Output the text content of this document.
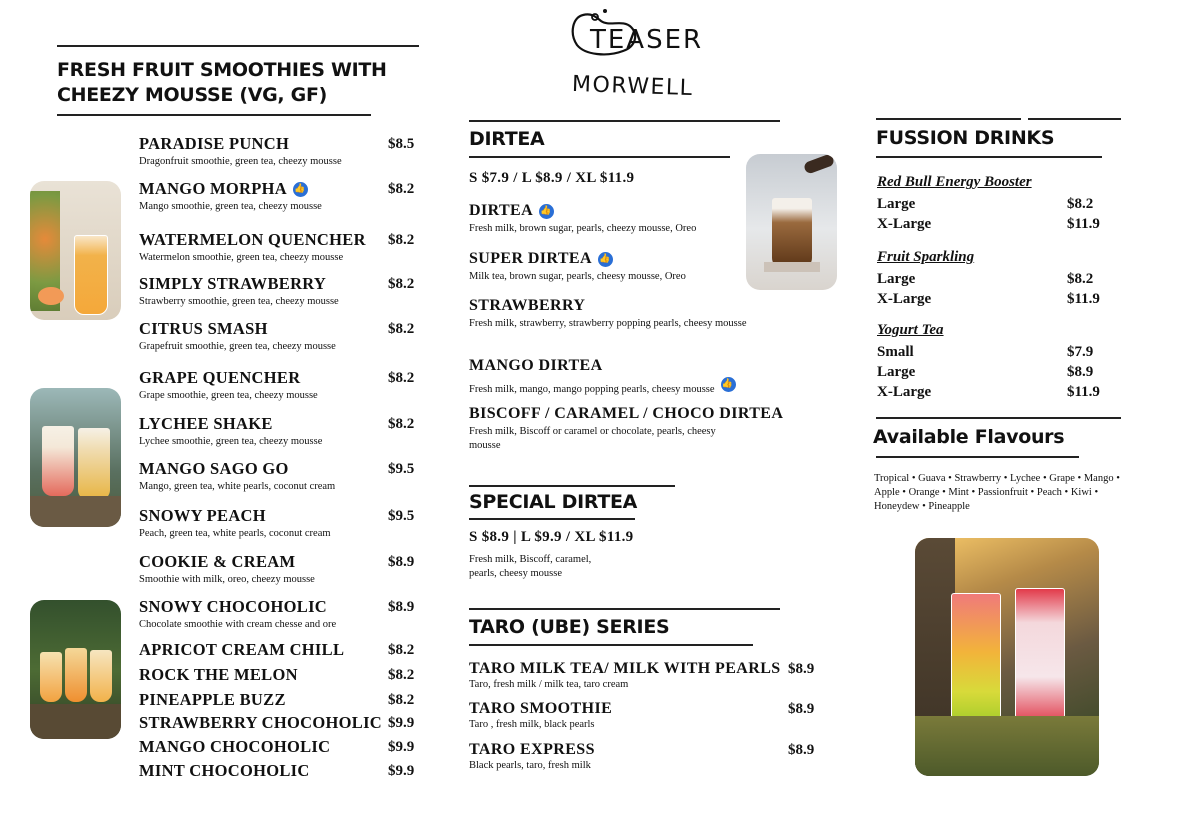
TEASER
MORWELL
FRESH FRUIT SMOOTHIES WITH
CHEEZY MOUSSE (VG, GF)
PARADISE PUNCH
Dragonfruit smoothie, green tea, cheezy mousse
$8.5
MANGO MORPHA
👍
Mango smoothie, green tea, cheezy mousse
$8.2
WATERMELON QUENCHER
Watermelon smoothie, green tea, cheezy mousse
$8.2
SIMPLY STRAWBERRY
Strawberry smoothie, green tea, cheezy mousse
$8.2
CITRUS SMASH
Grapefruit smoothie, green tea, cheezy mousse
$8.2
GRAPE QUENCHER
Grape smoothie, green tea, cheezy mousse
$8.2
LYCHEE SHAKE
Lychee smoothie, green tea, cheezy mousse
$8.2
MANGO SAGO GO
Mango, green tea, white pearls, coconut cream
$9.5
SNOWY PEACH
Peach, green tea, white pearls, coconut cream
$9.5
COOKIE & CREAM
Smoothie with milk, oreo, cheezy mousse
$8.9
SNOWY CHOCOHOLIC
Chocolate smoothie with cream chesse and ore
$8.9
APRICOT CREAM CHILL	$8.2
ROCK THE MELON	$8.2
PINEAPPLE BUZZ	$8.2
STRAWBERRY CHOCOHOLIC $9.9
MANGO CHOCOHOLIC	$9.9
MINT CHOCOHOLIC	$9.9
DIRTEA
S $7.9 / L $8.9 / XL $11.9
DIRTEA
👍
Fresh milk, brown sugar, pearls, cheezy mousse, Oreo
SUPER DIRTEA
👍
Milk tea, brown sugar, pearls, cheesy mousse, Oreo
STRAWBERRY
Fresh milk, strawberry, strawberry popping pearls, cheesy mousse
MANGO DIRTEA
Fresh milk, mango, mango popping pearls, cheesy mousse👍
BISCOFF / CARAMEL / CHOCO DIRTEA
Fresh milk, Biscoff or caramel or chocolate, pearls, cheesy mousse
SPECIAL DIRTEA
S $8.9 | L $9.9 / XL $11.9
Fresh milk, Biscoff, caramel, pearls, cheesy mousse
TARO (UBE) SERIES
TARO MILK TEA/ MILK WITH PEARLS
Taro, fresh milk / milk tea, taro cream
$8.9
TARO SMOOTHIE
Taro , fresh milk, black pearls
$8.9
TARO EXPRESS
Black pearls, taro, fresh milk
$8.9
FUSSION DRINKS
Red Bull Energy Booster
Large	$8.2
X-Large	$11.9
Fruit Sparkling
Large	$8.2
X-Large	$11.9
Yogurt Tea
Small	$7.9
Large	$8.9
X-Large	$11.9
Available Flavours
Tropical • Guava • Strawberry • Lychee • Grape • Mango • Apple • Orange • Mint • Passionfruit • Peach • Kiwi • Honeydew • Pineapple
